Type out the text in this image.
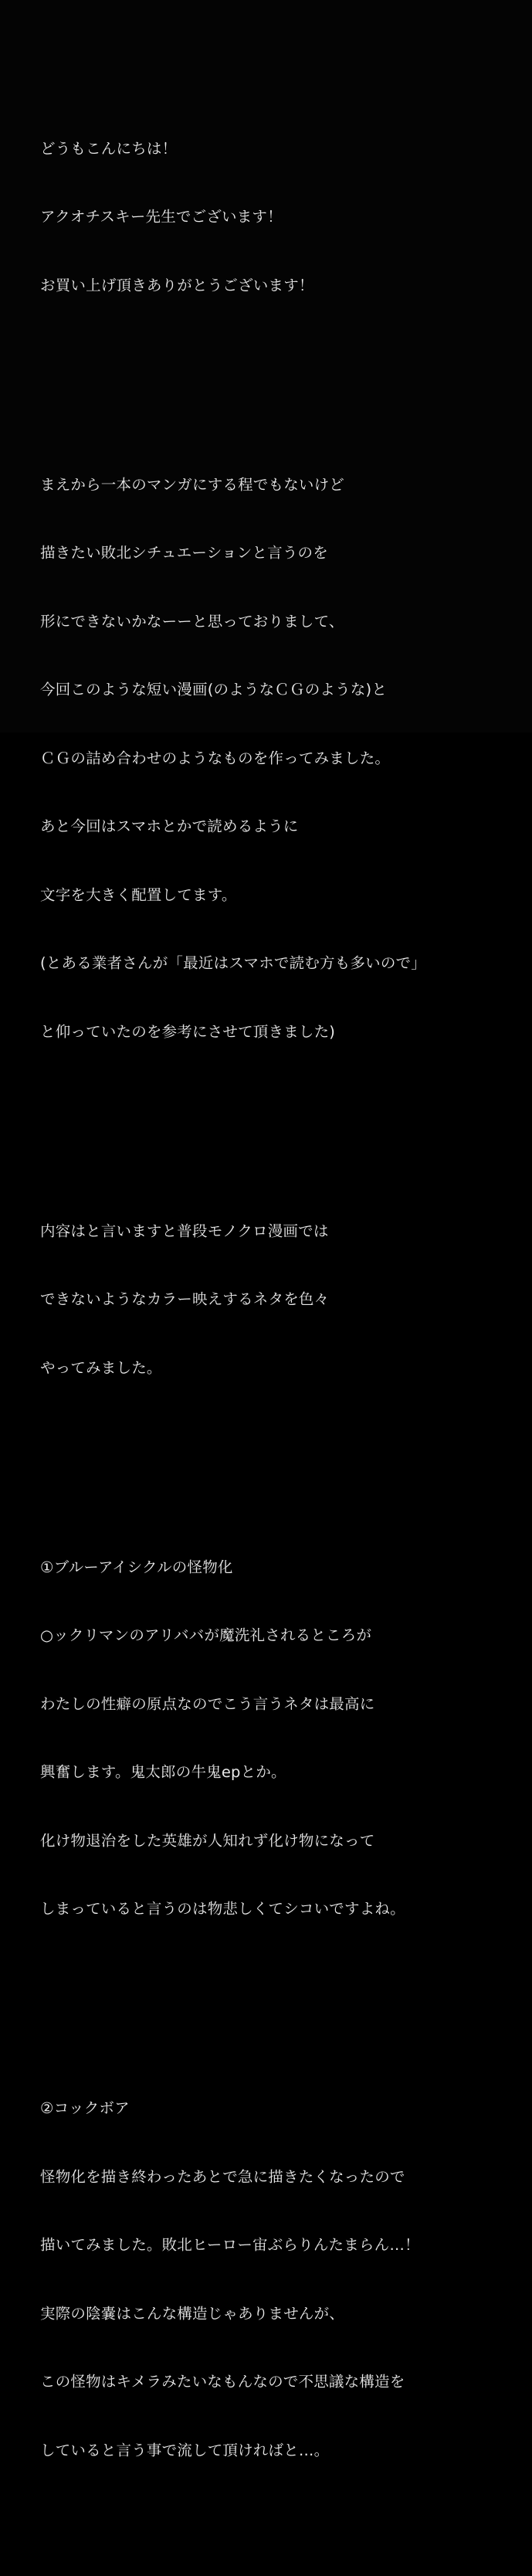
どうもこんにちは！

アクオチスキー先生でございます！

お買い上げ頂きありがとうございます！

まえから一本のマンガにする程でもないけど

描きたい敗北シチュエーションと言うのを

形にできないかなーーと思っておりまして、

今回このような短い漫画(のようなＣＧのような)と

ＣＧの詰め合わせのようなものを作ってみました。

あと今回はスマホとかで読めるように

文字を大きく配置してます。

(とある業者さんが「最近はスマホで読む方も多いので」

と仰っていたのを参考にさせて頂きました)

内容はと言いますと普段モノクロ漫画では

できないようなカラー映えするネタを色々

やってみました。

①ブルーアイシクルの怪物化

○ックリマンのアリババが魔洗礼されるところが

わたしの性癖の原点なのでこう言うネタは最高に

興奮します。鬼太郎の牛鬼epとか。

化け物退治をした英雄が人知れず化け物になって

しまっていると言うのは物悲しくてシコいですよね。

②コックボア

怪物化を描き終わったあとで急に描きたくなったので

描いてみました。敗北ヒーロー宙ぶらりんたまらん…！

実際の陰嚢はこんな構造じゃありませんが、

この怪物はキメラみたいなもんなので不思議な構造を

していると言う事で流して頂ければと…。
